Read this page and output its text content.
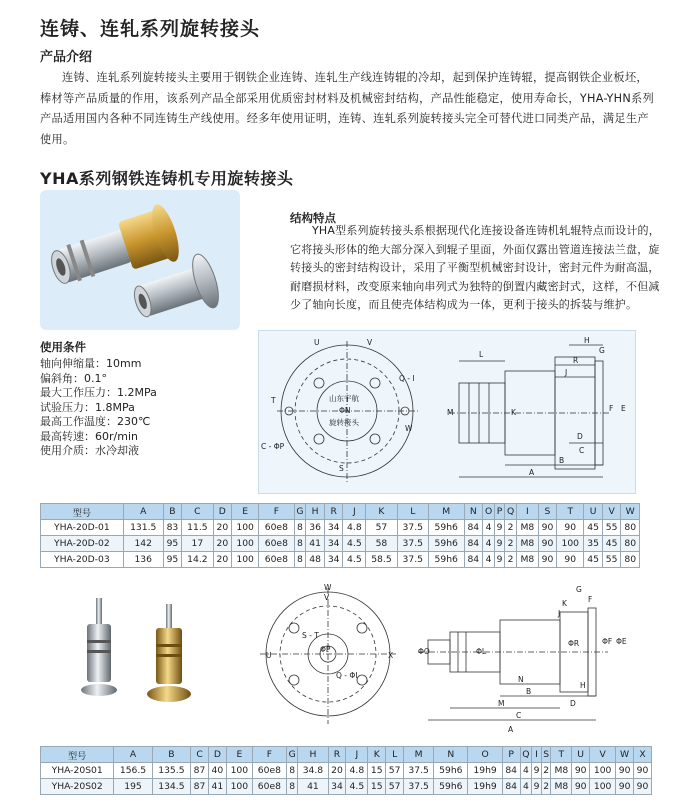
连铸、连轧系列旋转接头
产品介绍
连铸、连轧系列旋转接头主要用于钢铁企业连铸、连轧生产线连铸辊的冷却，起到保护连铸辊，提高钢铁企业板坯，棒材等产品质量的作用，该系列产品全部采用优质密封材料及机械密封结构，产品性能稳定，使用寿命长，YHA-YHN系列产品适用国内各种不同连铸生产线使用。经多年使用证明，连铸、连轧系列旋转接头完全可替代进口同类产品，满足生产使用。
YHA系列钢铁连铸机专用旋转接头
结构特点
YHA型系列旋转接头系根据现代化连接设备连铸机轧辊特点而设计的，它将接头形体的绝大部分深入到辊子里面，外面仅露出管道连接法兰盘，旋转接头的密封结构设计，采用了平衡型机械密封设计，密封元件为耐高温，耐磨损材料，改变原来轴向串列式为独特的倒置内藏密封式，这样，不但减少了轴向长度，而且使壳体结构成为一体，更利于接头的拆装与维护。
使用条件
轴向伸缩量：10mm
偏斜角：0.1°
最大工作压力：1.2MPa
试验压力：1.8MPa
最高工作温度：230℃
最高转速：60r/min
使用介质：水冷却液
U	V
Q - I
T
W
C - ΦP
S
山东宇航
ΦN
旋转接头
L
H
G
R
J
M	K	F E
D
C
B
A
型号	A	B	C	D	E	F	G	H	R	J	K	L	M	N	O	P	Q	I	S	T	U	V	W
YHA-20D-01	131.5	83	11.5	20	100	60e8	8	36	34	4.8	57	37.5	59h6	84	4	9	2	M8	90	90	45	55	80
YHA-20D-02	142	95	17	20	100	60e8	8	41	34	4.5	58	37.5	59h6	84	4	9	2	M8	90	100	35	45	80
YHA-20D-03	136	95	14.2	20	100	60e8	8	48	34	4.5	58.5	37.5	59h6	84	4	9	2	M8	90	90	45	55	80
W
V
S - T
U	X
ΦP
Q - ΦI
J
G
F
K
ΦO	ΦL
ΦR	ΦF ΦE
B
H
N
D
M
C
A
型号	A	B	C	D	E	F	G	H	R	J	K	L	M	N	O	P	Q	I	S	T	U	V	W	X
YHA-20S01	156.5	135.5	87	40	100	60e8	8	34.8	20	4.8	15	57	37.5	59h6	19h9	84	4	9	2	M8	90	100	90	90
YHA-20S02	195	134.5	87	41	100	60e8	8	41	34	4.5	15	57	37.5	59h6	19h9	84	4	9	2	M8	90	100	90	90
